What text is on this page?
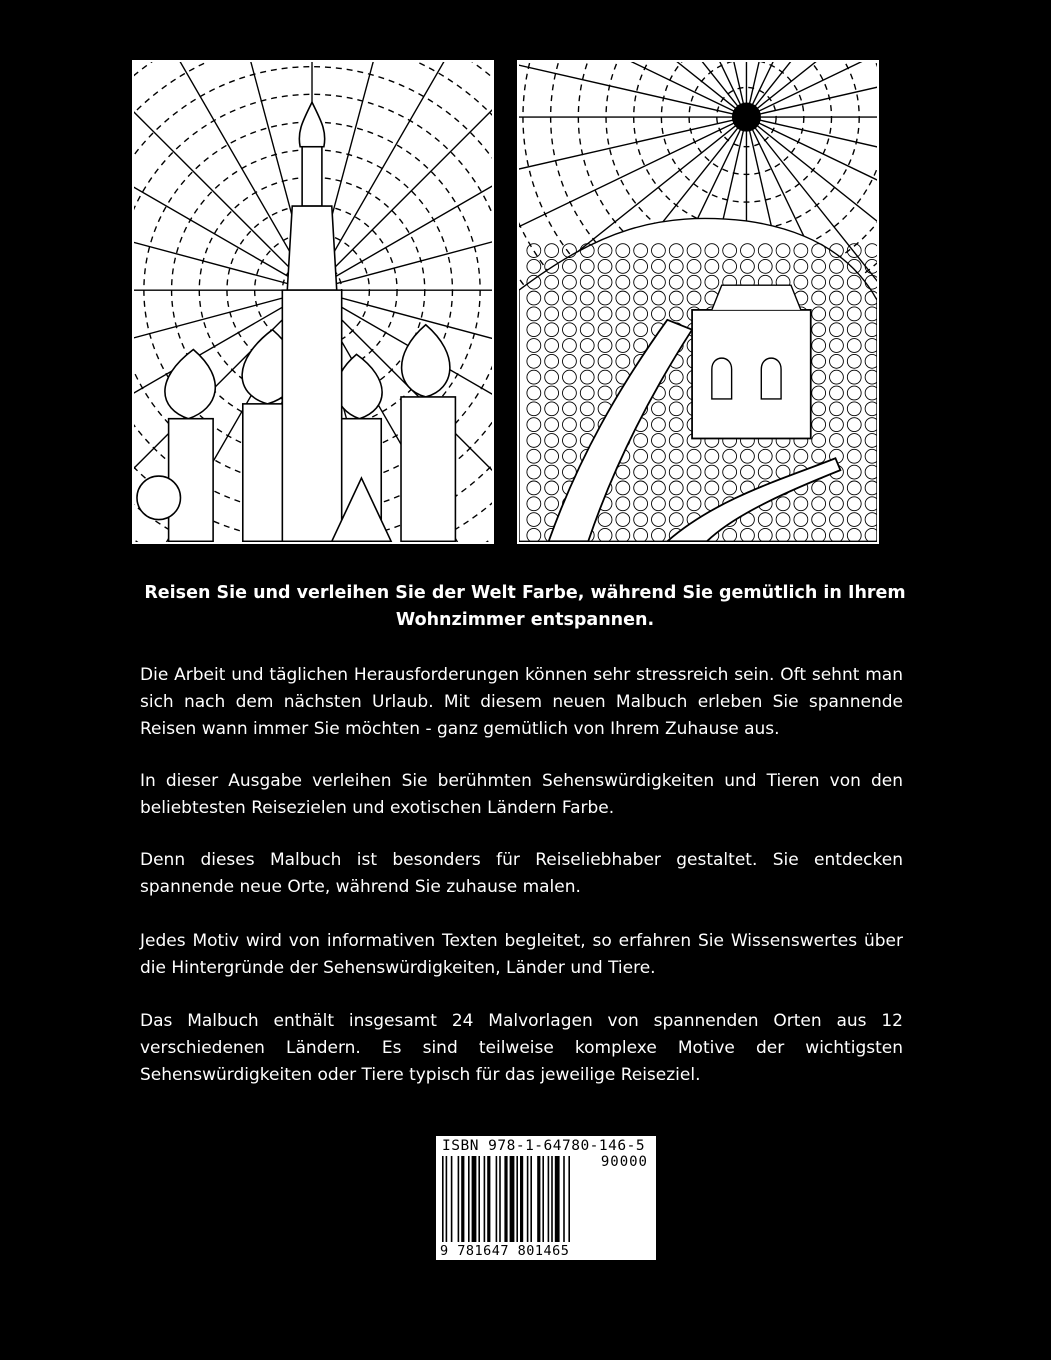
Reisen Sie und verleihen Sie der Welt Farbe, während Sie gemütlich in Ihrem Wohnzimmer entspannen.

Die Arbeit und täglichen Herausforderungen können sehr stressreich sein. Oft sehnt man sich nach dem nächsten Urlaub. Mit diesem neuen Malbuch erleben Sie spannende Reisen wann immer Sie möchten - ganz gemütlich von Ihrem Zuhause aus.

In dieser Ausgabe verleihen Sie berühmten Sehenswürdigkeiten und Tieren von den beliebtesten Reisezielen und exotischen Ländern Farbe.

Denn dieses Malbuch ist besonders für Reiseliebhaber gestaltet. Sie entdecken spannende neue Orte, während Sie zuhause malen.

Jedes Motiv wird von informativen Texten begleitet, so erfahren Sie Wissenswertes über die Hintergründe der Sehenswürdigkeiten, Länder und Tiere.

Das Malbuch enthält insgesamt 24 Malvorlagen von spannenden Orten aus 12 verschiedenen Ländern. Es sind teilweise komplexe Motive der wichtigsten Sehenswürdigkeiten oder Tiere typisch für das jeweilige Reiseziel.

ISBN 978-1-64780-146-5
90000
9 781647 801465
